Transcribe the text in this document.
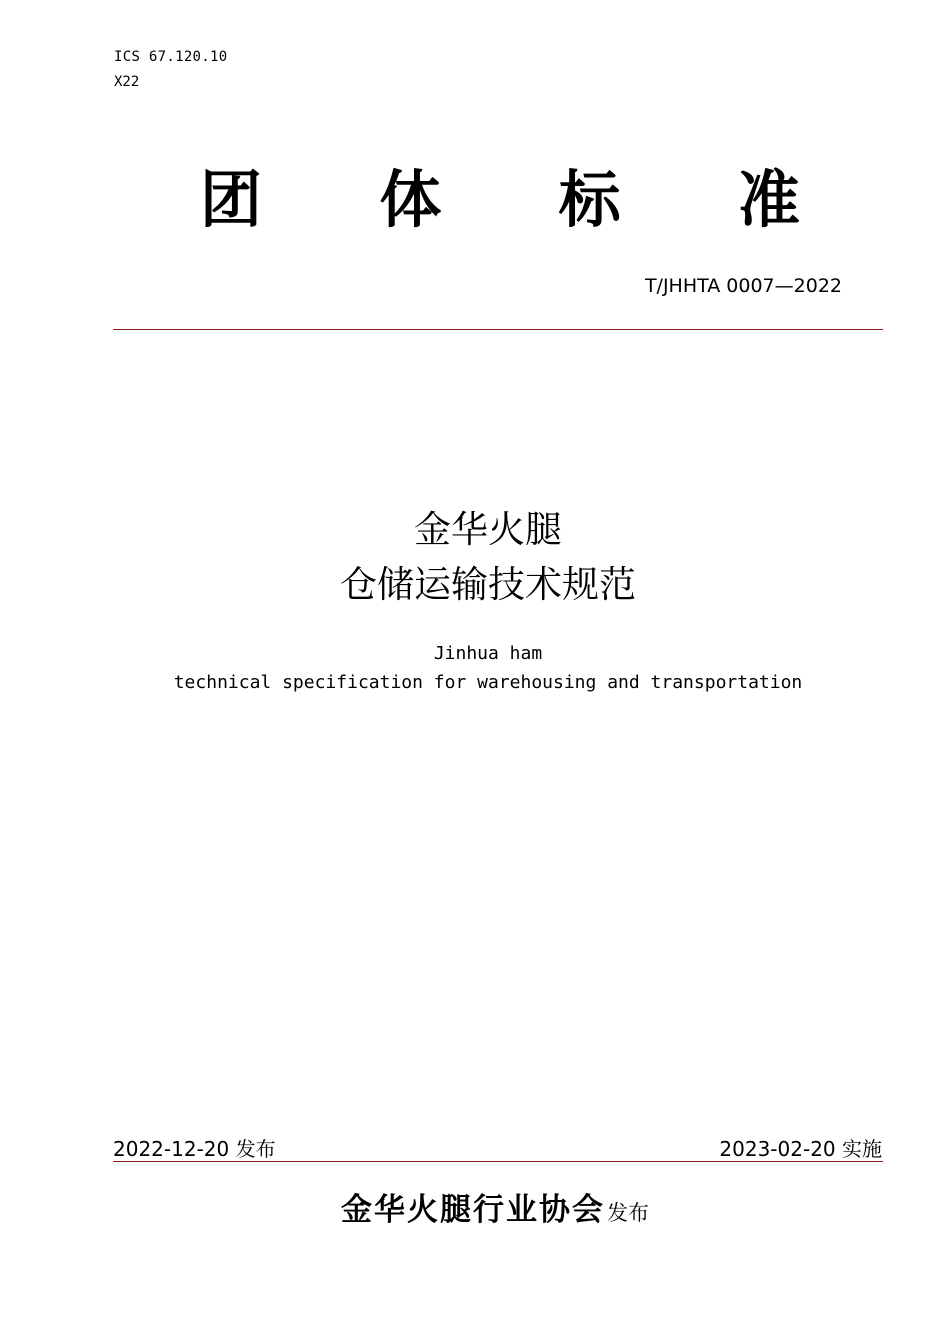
ICS 67.120.10
X22
团 体 标 准
T/JHHTA 0007—2022
金华火腿
仓储运输技术规范
Jinhua ham
technical specification for warehousing and transportation
2022-12-20 发布	2023-02-20 实施
金华火腿行业协会发布
